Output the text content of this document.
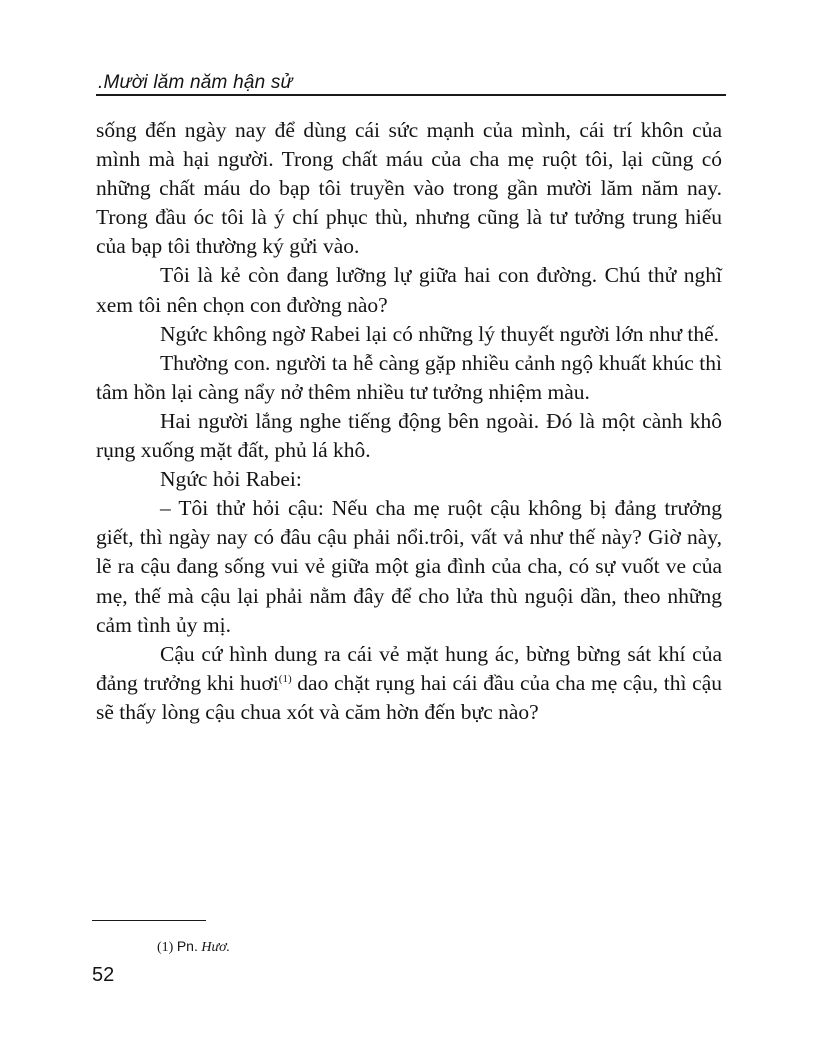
.Mười lăm năm hận sử

sống đến ngày nay để dùng cái sức mạnh của mình, cái trí khôn của mình mà hại người. Trong chất máu của cha mẹ ruột tôi, lại cũng có những chất máu do bạp tôi truyền vào trong gần mười lăm năm nay. Trong đầu óc tôi là ý chí phục thù, nhưng cũng là tư tưởng trung hiếu của bạp tôi thường ký gửi vào.

Tôi là kẻ còn đang lưỡng lự giữa hai con đường. Chú thử nghĩ xem tôi nên chọn con đường nào?

Ngức không ngờ Rabei lại có những lý thuyết người lớn như thế.

Thường con. người ta hễ càng gặp nhiều cảnh ngộ khuất khúc thì tâm hồn lại càng nẩy nở thêm nhiều tư tưởng nhiệm màu.

Hai người lắng nghe tiếng động bên ngoài. Đó là một cành khô rụng xuống mặt đất, phủ lá khô.

Ngức hỏi Rabei:

– Tôi thử hỏi cậu: Nếu cha mẹ ruột cậu không bị đảng trưởng giết, thì ngày nay có đâu cậu phải nổi.trôi, vất vả như thế này? Giờ này, lẽ ra cậu đang sống vui vẻ giữa một gia đình của cha, có sự vuốt ve của mẹ, thế mà cậu lại phải nằm đây để cho lửa thù nguội dần, theo những cảm tình ủy mị.

Cậu cứ hình dung ra cái vẻ mặt hung ác, bừng bừng sát khí của đảng trưởng khi huơi$^{(1)}$ dao chặt rụng hai cái đầu của cha mẹ cậu, thì cậu sẽ thấy lòng cậu chua xót và căm hờn đến bực nào?

(1) Pn. Hươ.
52
